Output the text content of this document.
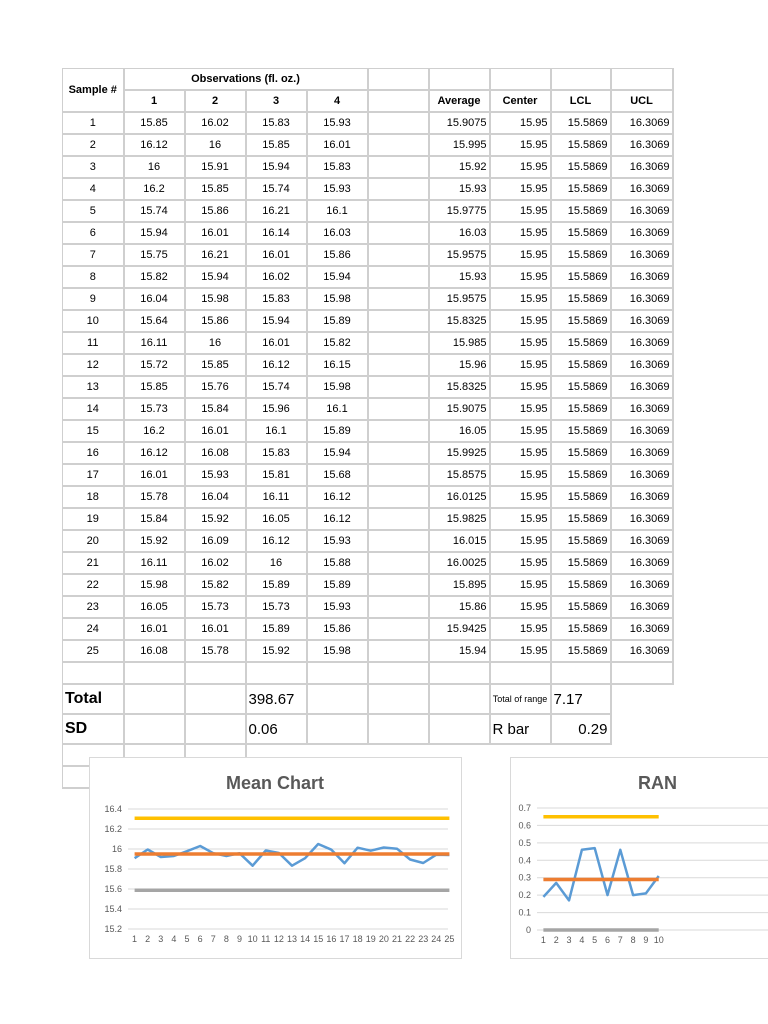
Sample #	Observations (fl. oz.)								
	1	2	3	4		Average	Center	LCL	UCL
1	15.85	16.02	15.83	15.93		15.9075	15.95	15.5869	16.3069
2	16.12	16	15.85	16.01		15.995	15.95	15.5869	16.3069
3	16	15.91	15.94	15.83		15.92	15.95	15.5869	16.3069
4	16.2	15.85	15.74	15.93		15.93	15.95	15.5869	16.3069
5	15.74	15.86	16.21	16.1		15.9775	15.95	15.5869	16.3069
6	15.94	16.01	16.14	16.03		16.03	15.95	15.5869	16.3069
7	15.75	16.21	16.01	15.86		15.9575	15.95	15.5869	16.3069
8	15.82	15.94	16.02	15.94		15.93	15.95	15.5869	16.3069
9	16.04	15.98	15.83	15.98		15.9575	15.95	15.5869	16.3069
10	15.64	15.86	15.94	15.89		15.8325	15.95	15.5869	16.3069
11	16.11	16	16.01	15.82		15.985	15.95	15.5869	16.3069
12	15.72	15.85	16.12	16.15		15.96	15.95	15.5869	16.3069
13	15.85	15.76	15.74	15.98		15.8325	15.95	15.5869	16.3069
14	15.73	15.84	15.96	16.1		15.9075	15.95	15.5869	16.3069
15	16.2	16.01	16.1	15.89		16.05	15.95	15.5869	16.3069
16	16.12	16.08	15.83	15.94		15.9925	15.95	15.5869	16.3069
17	16.01	15.93	15.81	15.68		15.8575	15.95	15.5869	16.3069
18	15.78	16.04	16.11	16.12		16.0125	15.95	15.5869	16.3069
19	15.84	15.92	16.05	16.12		15.9825	15.95	15.5869	16.3069
20	15.92	16.09	16.12	15.93		16.015	15.95	15.5869	16.3069
21	16.11	16.02	16	15.88		16.0025	15.95	15.5869	16.3069
22	15.98	15.82	15.89	15.89		15.895	15.95	15.5869	16.3069
23	16.05	15.73	15.73	15.93		15.86	15.95	15.5869	16.3069
24	16.01	16.01	15.89	15.86		15.9425	15.95	15.5869	16.3069
25	16.08	15.78	15.92	15.98		15.94	15.95	15.5869	16.3069

Total			398.67				Total of range	7.17	
SD			0.06				R bar	0.29	

Mean Chart
15.2
15.4
15.6
15.8
16
16.2
16.4
1 2 3 4 5 6 7 8 9 10 11 12 13 14 15 16 17 18 19 20 21 22 23 24 25
RAN
0
0.1
0.2
0.3
0.4
0.5
0.6
0.7
1 2 3 4 5 6 7 8 9 10
